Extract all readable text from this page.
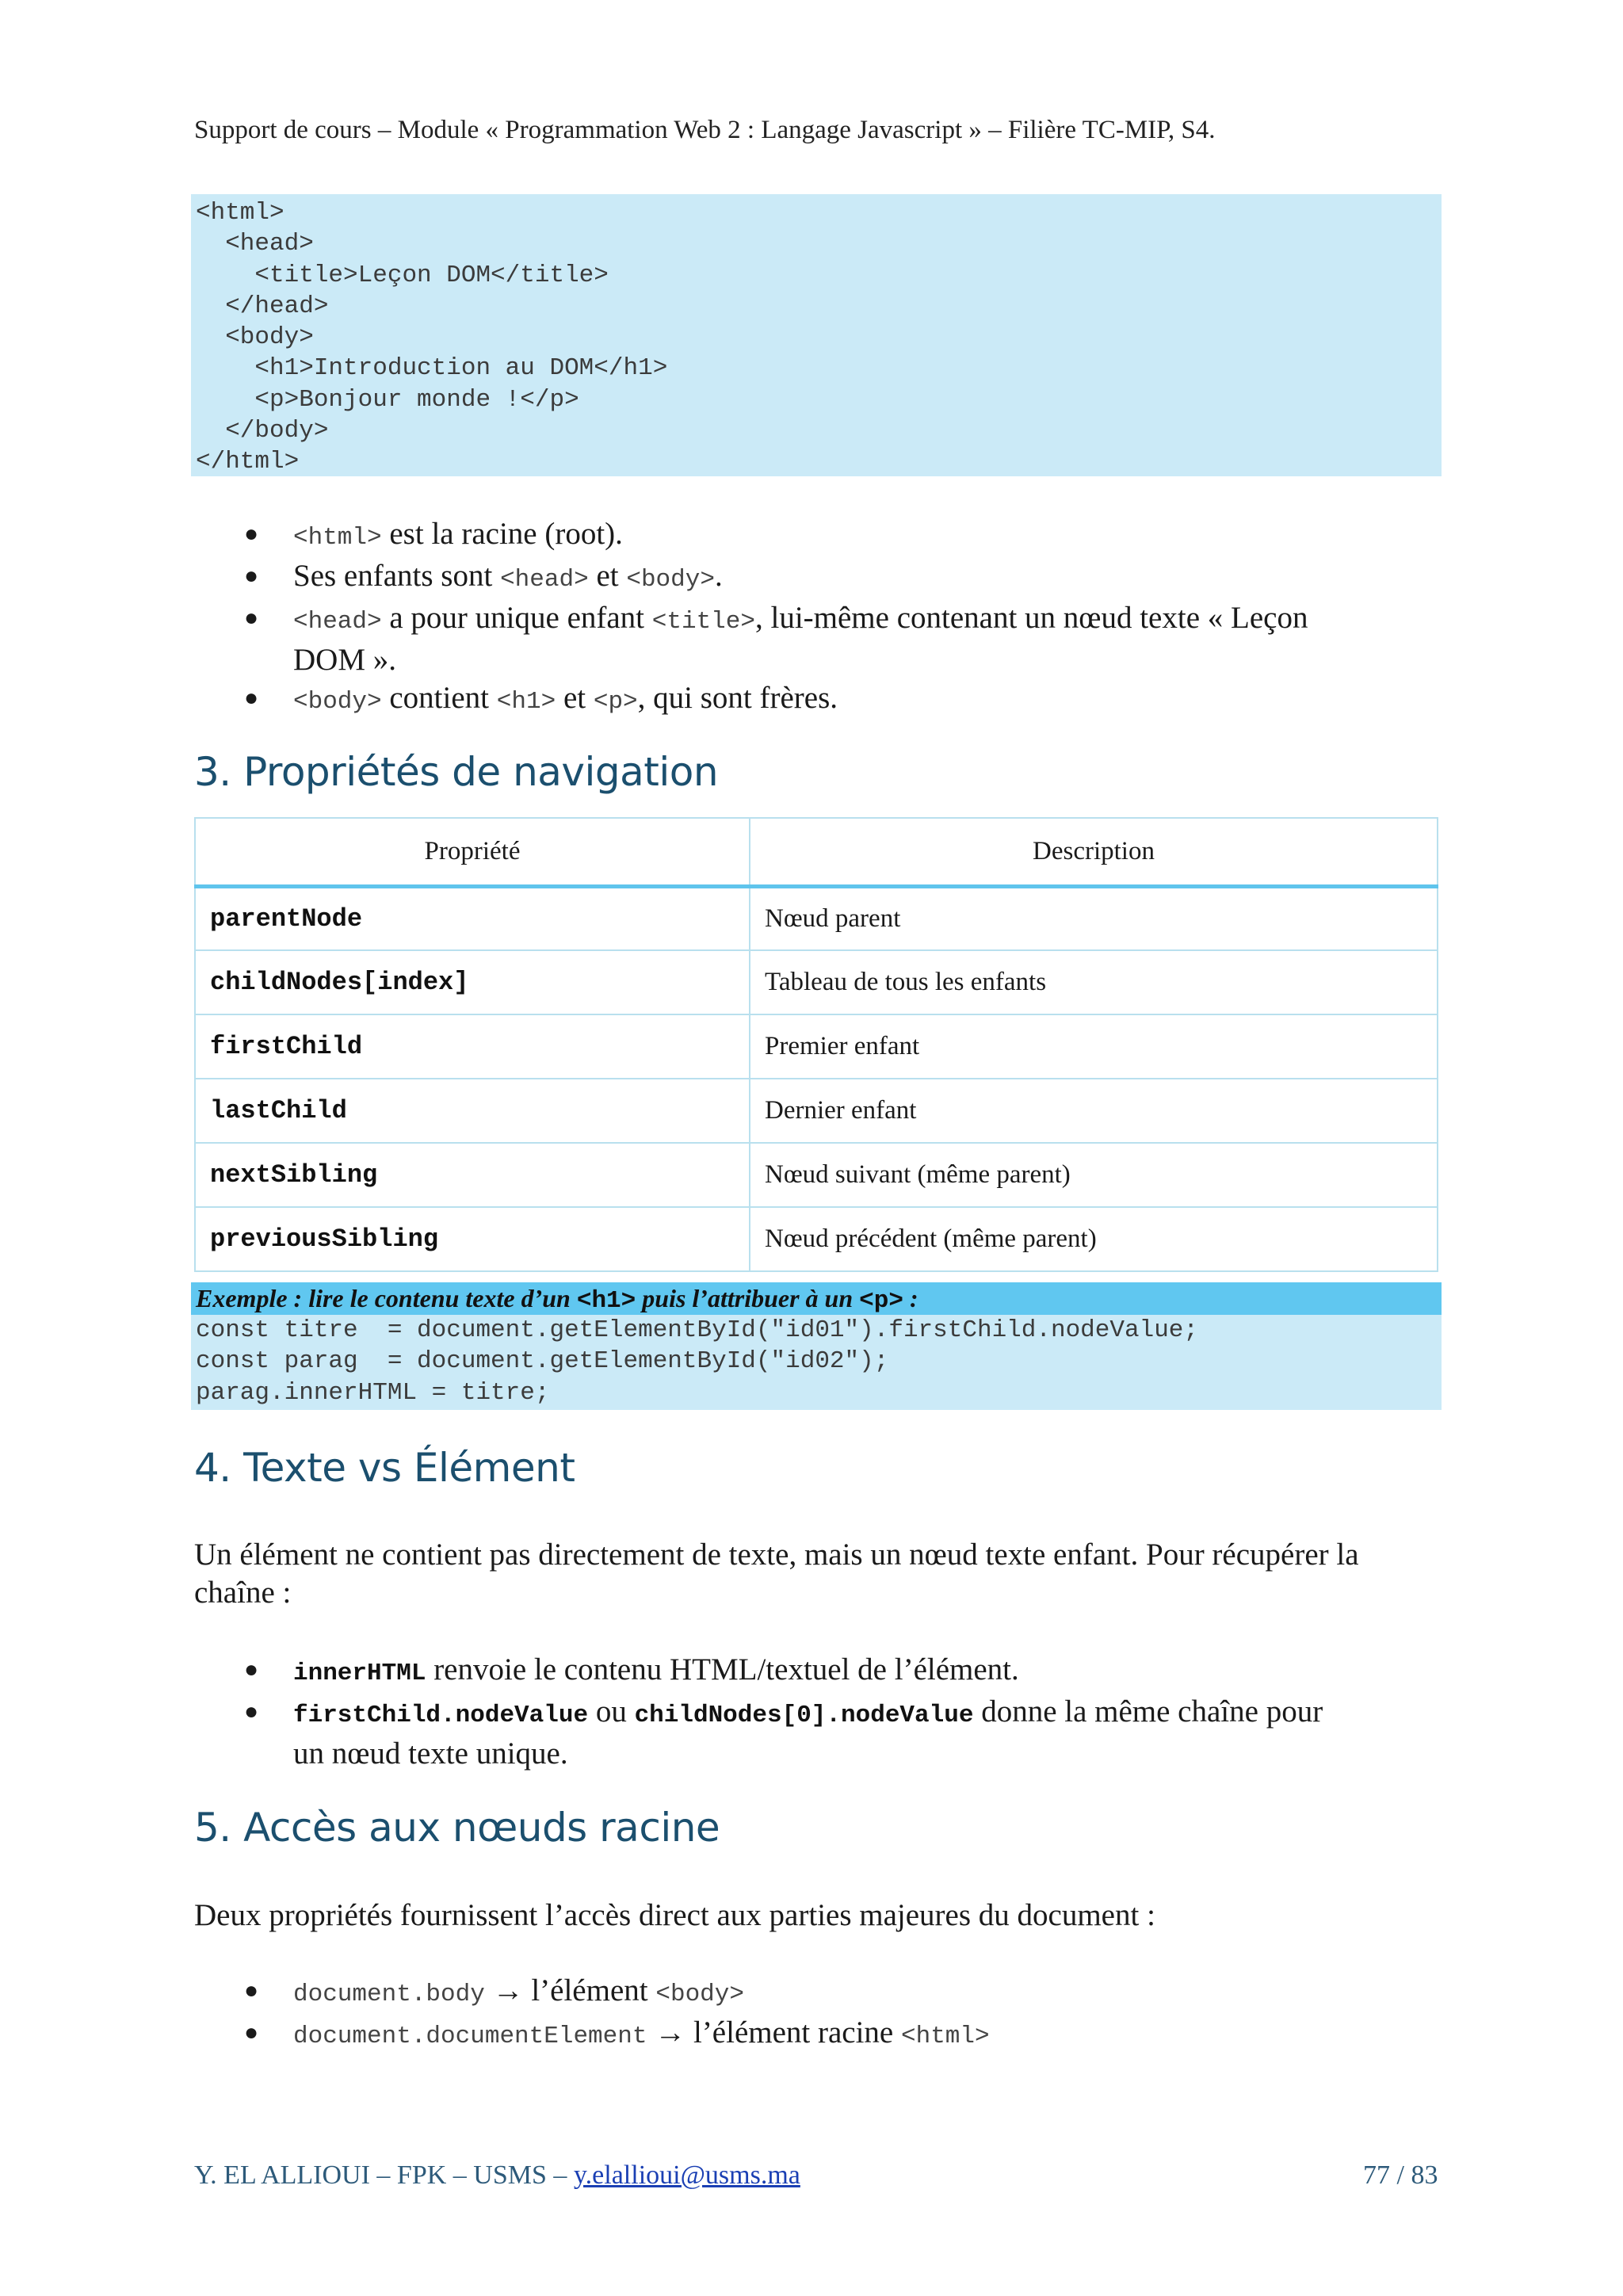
Support de cours – Module « Programmation Web 2 : Langage Javascript » – Filière TC-MIP, S4.
<html>
<head>
<title>Leçon DOM</title>
</head>
<body>
<h1>Introduction au DOM</h1>
<p>Bonjour monde !</p>
</body>
</html>
● <html> est la racine (root).
● Ses enfants sont <head> et <body>.
● <head> a pour unique enfant <title>, lui-même contenant un nœud texte « Leçon
DOM ».
● <body> contient <h1> et <p>, qui sont frères.
3. Propriétés de navigation
Propriété	Description
parentNode	Nœud parent
childNodes[index]	Tableau de tous les enfants
firstChild	Premier enfant
lastChild	Dernier enfant
nextSibling	Nœud suivant (même parent)
previousSibling	Nœud précédent (même parent)
Exemple : lire le contenu texte d’un <h1> puis l’attribuer à un <p> :
const titre  = document.getElementById("id01").firstChild.nodeValue;
const parag  = document.getElementById("id02");
parag.innerHTML = titre;
4. Texte vs Élément
Un élément ne contient pas directement de texte, mais un nœud texte enfant. Pour récupérer la chaîne :
● innerHTML renvoie le contenu HTML/textuel de l’élément.
● firstChild.nodeValue ou childNodes[0].nodeValue donne la même chaîne pour
un nœud texte unique.
5. Accès aux nœuds racine
Deux propriétés fournissent l’accès direct aux parties majeures du document :
● document.body → l’élément <body>
● document.documentElement → l’élément racine <html>
Y. EL ALLIOUI – FPK – USMS – y.elallioui@usms.ma	77 / 83
